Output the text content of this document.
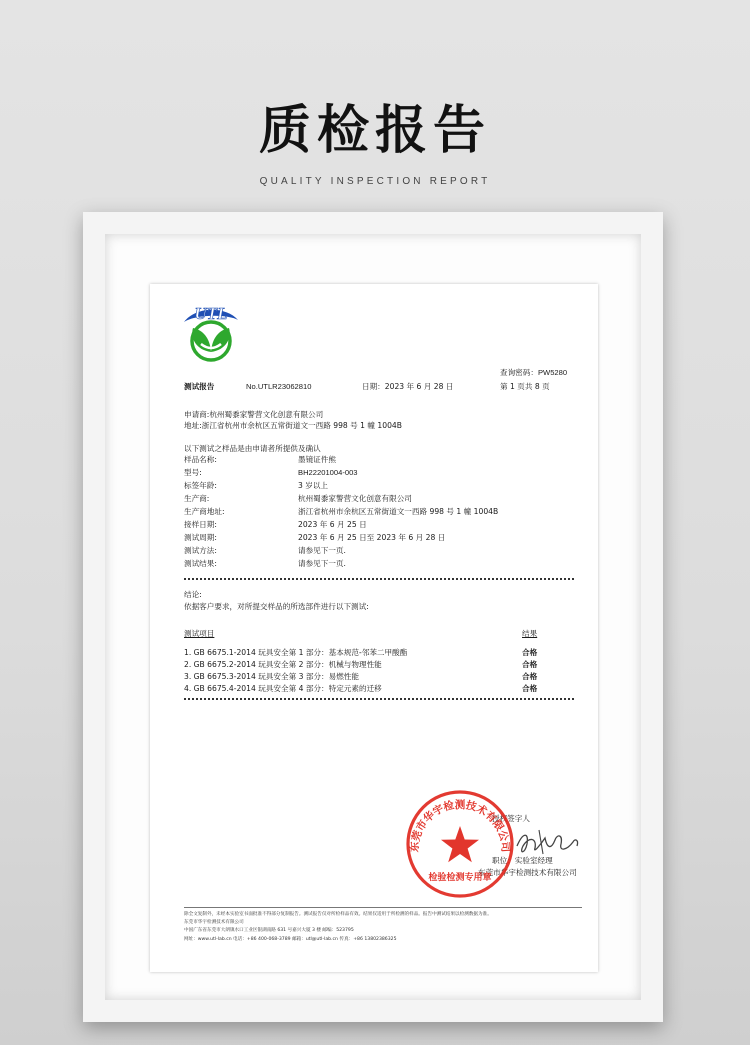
质检报告
QUALITY INSPECTION REPORT
UTL
查询密码：PW5280
测试报告	No.UTLR23062810	日期：2023 年 6 月 28 日	第 1 页共 8 页
申请商:杭州蜀黍家警营文化创意有限公司
地址:浙江省杭州市余杭区五常街道文一西路 998 号 1 幢 1004B
以下测试之样品是由申请者所提供及确认
样品名称:	墨镜证件熊
型号:	BH22201004-003
标签年龄:	3 岁以上
生产商:	杭州蜀黍家警营文化创意有限公司
生产商地址:	浙江省杭州市余杭区五常街道文一西路 998 号 1 幢 1004B
接样日期:	2023 年 6 月 25 日
测试周期:	2023 年 6 月 25 日至 2023 年 6 月 28 日
测试方法:	请参见下一页.
测试结果:	请参见下一页.
结论:
依据客户要求，对所提交样品的所选部件进行以下测试:
测试项目	结果
1. GB 6675.1-2014 玩具安全第 1 部分：基本规范-邻苯二甲酸酯	合格
2. GB 6675.2-2014 玩具安全第 2 部分：机械与物理性能	合格
3. GB 6675.3-2014 玩具安全第 3 部分：易燃性能	合格
4. GB 6675.4-2014 玩具安全第 4 部分：特定元素的迁移	合格
授权签字人
职位：实验室经理
东莞市华宇检测技术有限公司
东莞市华宇检测技术有限公司
检验检测专用章
除全文复制外，未经本实验室书面批准不得部分复制报告。测试报告仅对所检样品有效。结果仅适用于所检测的样品。报告中测试结果以检测数据为准。
东莞市华宇检测技术有限公司
中国广东省东莞市大朗镇水口工业区银湖南路 631 号嘉兴大厦 3 楼 邮编：523795
网址：www.utl-lab.cn 电话：+86 400-068-3789 邮箱：utl@utl-lab.cn 传真：+86 13802386325
